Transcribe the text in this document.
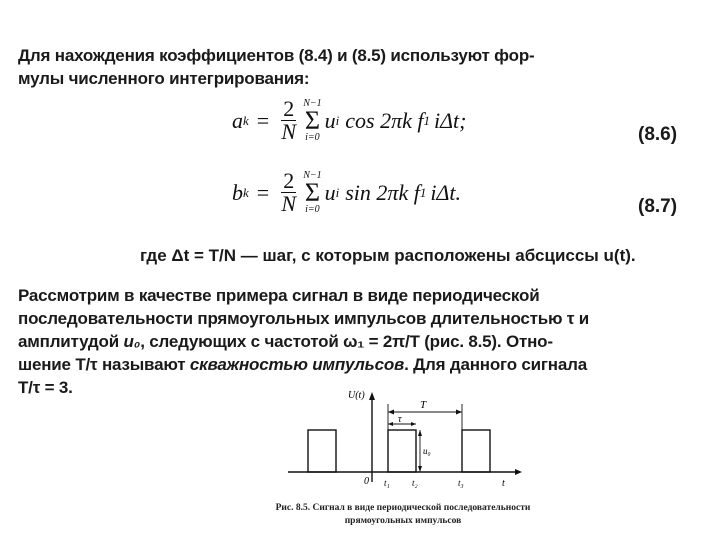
Для нахождения коэффициентов (8.4) и (8.5) используют фор-
мулы численного интегрирования:
a $k = \frac{2}{N} N-1$
Σ
i=0
u i cos 2πk f 1 iΔt;
(8.6)
b $k = \frac{2}{N} N-1$
Σ
i=0
u i sin 2πk f 1 iΔt.
(8.7)
где Δt = T/N — шаг, с которым расположены абсциссы u(t).
Рассмотрим в качестве примера сигнал в виде периодической
последовательности прямоугольных импульсов длительностью τ и
амплитудой u₀, следующих с частотой ω₁ = 2π/T (рис. 8.5). Отно-
шение T/τ называют скважностью импульсов. Для данного сигнала
T/τ = 3.	U(t)
T
τ
u₀
0 t₁ t₂	t₃	t
Рис. 8.5. Сигнал в виде периодической последовательности
прямоугольных импульсов
